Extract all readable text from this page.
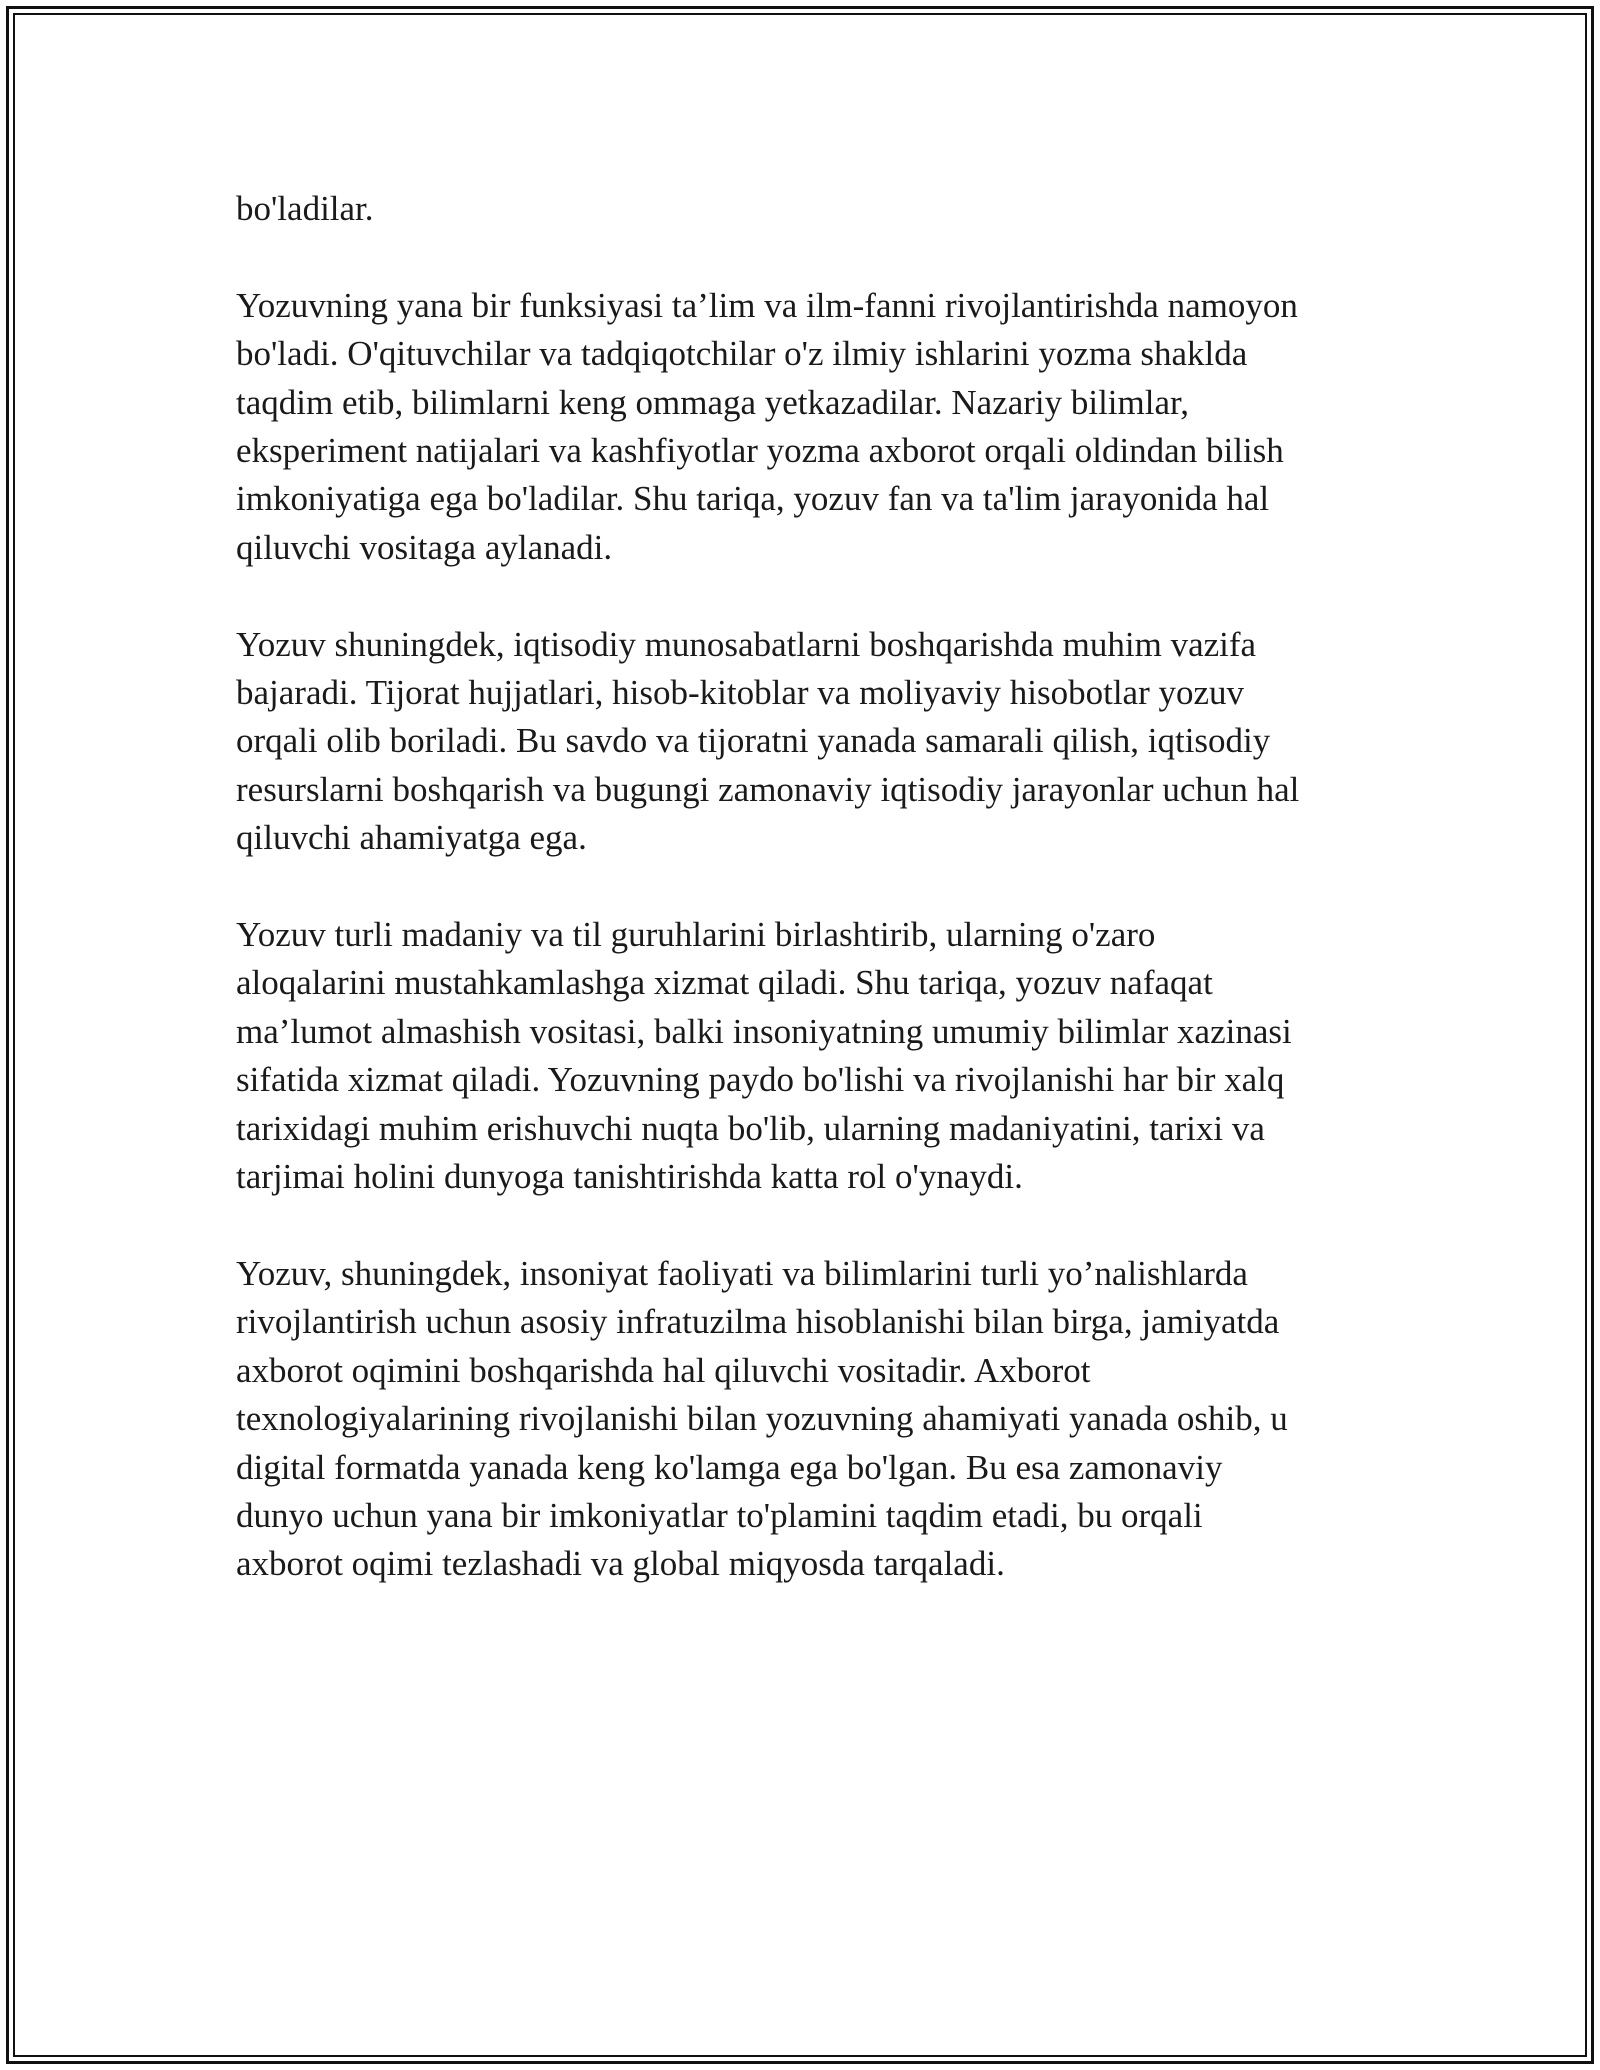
bo'ladilar.

Yozuvning yana bir funksiyasi ta’lim va ilm-fanni rivojlantirishda namoyon
bo'ladi. O'qituvchilar va tadqiqotchilar o'z ilmiy ishlarini yozma shaklda
taqdim etib, bilimlarni keng ommaga yetkazadilar. Nazariy bilimlar,
eksperiment natijalari va kashfiyotlar yozma axborot orqali oldindan bilish
imkoniyatiga ega bo'ladilar. Shu tariqa, yozuv fan va ta'lim jarayonida hal
qiluvchi vositaga aylanadi.

Yozuv shuningdek, iqtisodiy munosabatlarni boshqarishda muhim vazifa
bajaradi. Tijorat hujjatlari, hisob-kitoblar va moliyaviy hisobotlar yozuv
orqali olib boriladi. Bu savdo va tijoratni yanada samarali qilish, iqtisodiy
resurslarni boshqarish va bugungi zamonaviy iqtisodiy jarayonlar uchun hal
qiluvchi ahamiyatga ega.

Yozuv turli madaniy va til guruhlarini birlashtirib, ularning o'zaro
aloqalarini mustahkamlashga xizmat qiladi. Shu tariqa, yozuv nafaqat
ma’lumot almashish vositasi, balki insoniyatning umumiy bilimlar xazinasi
sifatida xizmat qiladi. Yozuvning paydo bo'lishi va rivojlanishi har bir xalq
tarixidagi muhim erishuvchi nuqta bo'lib, ularning madaniyatini, tarixi va
tarjimai holini dunyoga tanishtirishda katta rol o'ynaydi.

Yozuv, shuningdek, insoniyat faoliyati va bilimlarini turli yo’nalishlarda
rivojlantirish uchun asosiy infratuzilma hisoblanishi bilan birga, jamiyatda
axborot oqimini boshqarishda hal qiluvchi vositadir. Axborot
texnologiyalarining rivojlanishi bilan yozuvning ahamiyati yanada oshib, u
digital formatda yanada keng ko'lamga ega bo'lgan. Bu esa zamonaviy
dunyo uchun yana bir imkoniyatlar to'plamini taqdim etadi, bu orqali
axborot oqimi tezlashadi va global miqyosda tarqaladi.
